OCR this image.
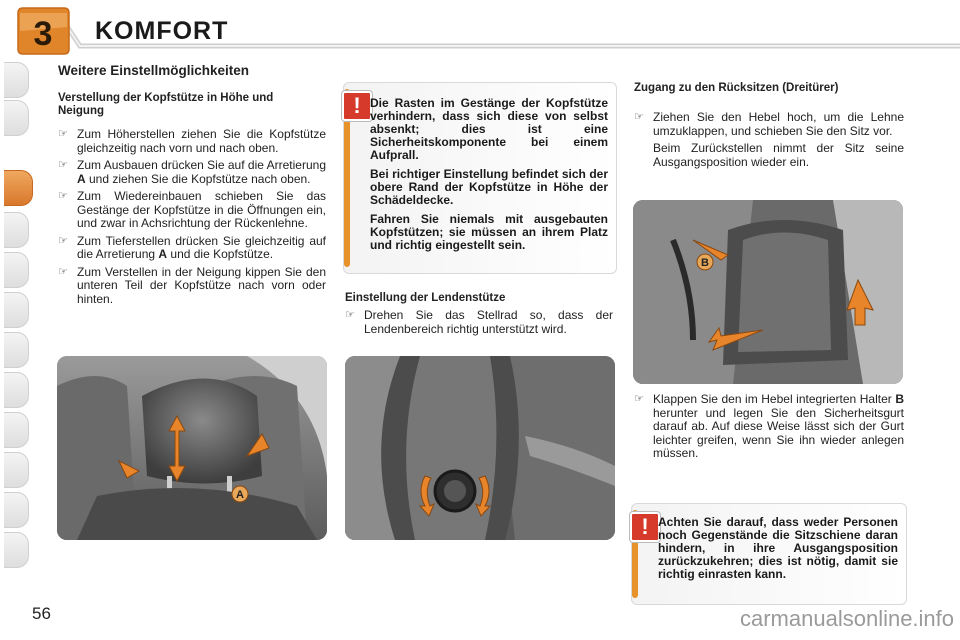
3 KOMFORT
Weitere Einstellmöglichkeiten
Verstellung der Kopfstütze in Höhe und Neigung
☞ Zum Höherstellen ziehen Sie die Kopfstütze gleichzeitig nach vorn und nach oben.
☞ Zum Ausbauen drücken Sie auf die Arretierung A und ziehen Sie die Kopfstütze nach oben.
☞ Zum Wiedereinbauen schieben Sie das Gestänge der Kopfstütze in die Öffnungen ein, und zwar in Achsrichtung der Rückenlehne.
☞ Zum Tieferstellen drücken Sie gleichzeitig auf die Arretierung A und die Kopfstütze.
☞ Zum Verstellen in der Neigung kippen Sie den unteren Teil der Kopfstütze nach vorn oder hinten.
A
! Die Rasten im Gestänge der Kopfstütze verhindern, dass sich diese von selbst absenkt; dies ist eine Sicherheitskomponente bei einem Aufprall.

Bei richtiger Einstellung befindet sich der obere Rand der Kopfstütze in Höhe der Schädeldecke.

Fahren Sie niemals mit ausgebauten Kopfstützen; sie müssen an ihrem Platz und richtig eingestellt sein.

Einstellung der Lendenstütze
☞ Drehen Sie das Stellrad so, dass der Lendenbereich richtig unterstützt wird.
Zugang zu den Rücksitzen (Dreitürer)
☞ Ziehen Sie den Hebel hoch, um die Lehne umzuklappen, und schieben Sie den Sitz vor.
Beim Zurückstellen nimmt der Sitz seine Ausgangsposition wieder ein.
B
☞ Klappen Sie den im Hebel integrierten Halter B herunter und legen Sie den Sicherheitsgurt darauf ab. Auf diese Weise lässt sich der Gurt leichter greifen, wenn Sie ihn wieder anlegen müssen.
! Achten Sie darauf, dass weder Personen noch Gegenstände die Sitzschiene daran hindern, in ihre Ausgangsposition zurückzukehren; dies ist nötig, damit sie richtig einrasten kann.
56	carmanualsonline.info
